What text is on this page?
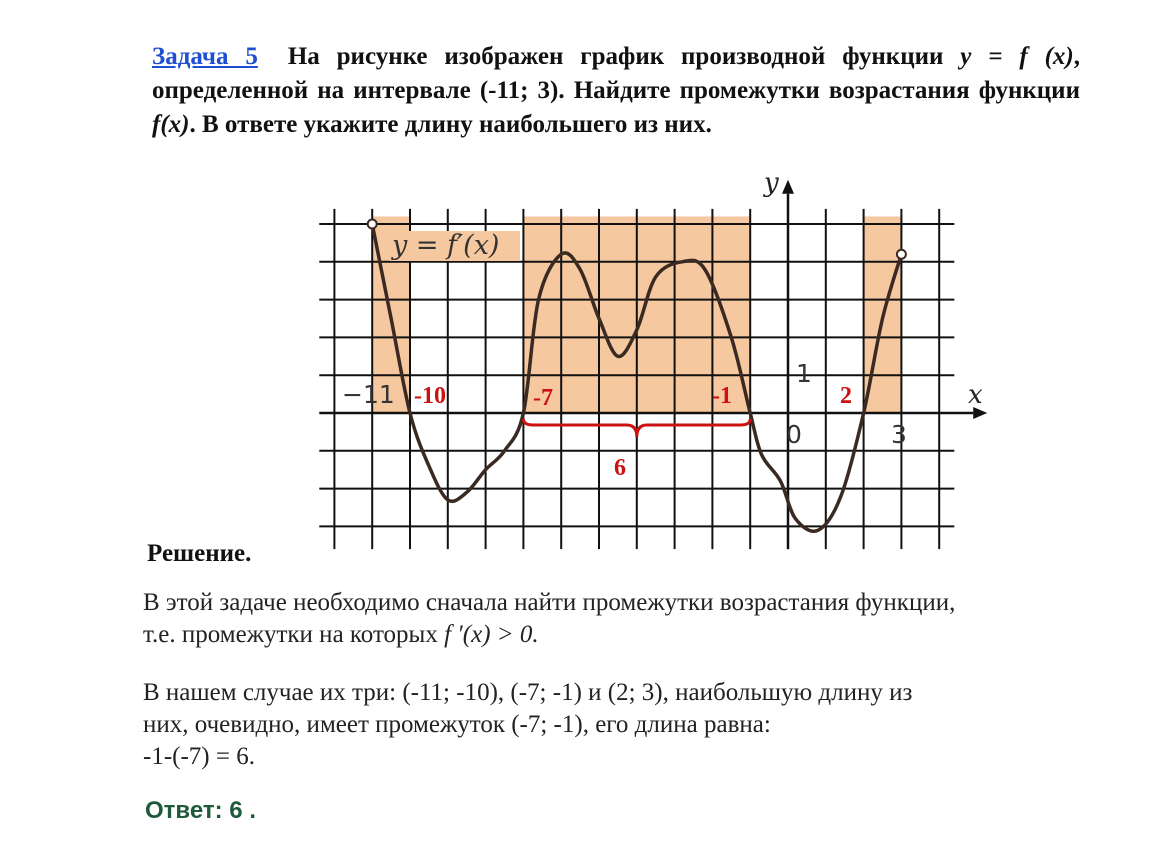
Задача 5 На рисунке изображен график производной функции y = f (x), определенной на интервале (-11; 3). Найдите промежутки возрастания функции f(x). В ответе укажите длину наибольшего из них.
y = f′(x)
y
x
−11
0
1
3
-10	-7	-1	2
6
Решение.
В этой задаче необходимо сначала найти промежутки возрастания функции,
т.е. промежутки на которых f ′(x) > 0.
В нашем случае их три: (-11; -10), (-7; -1) и (2; 3), наибольшую длину из
них, очевидно, имеет промежуток (-7; -1), его длина равна:
-1-(-7) = 6.
Ответ: 6 .
